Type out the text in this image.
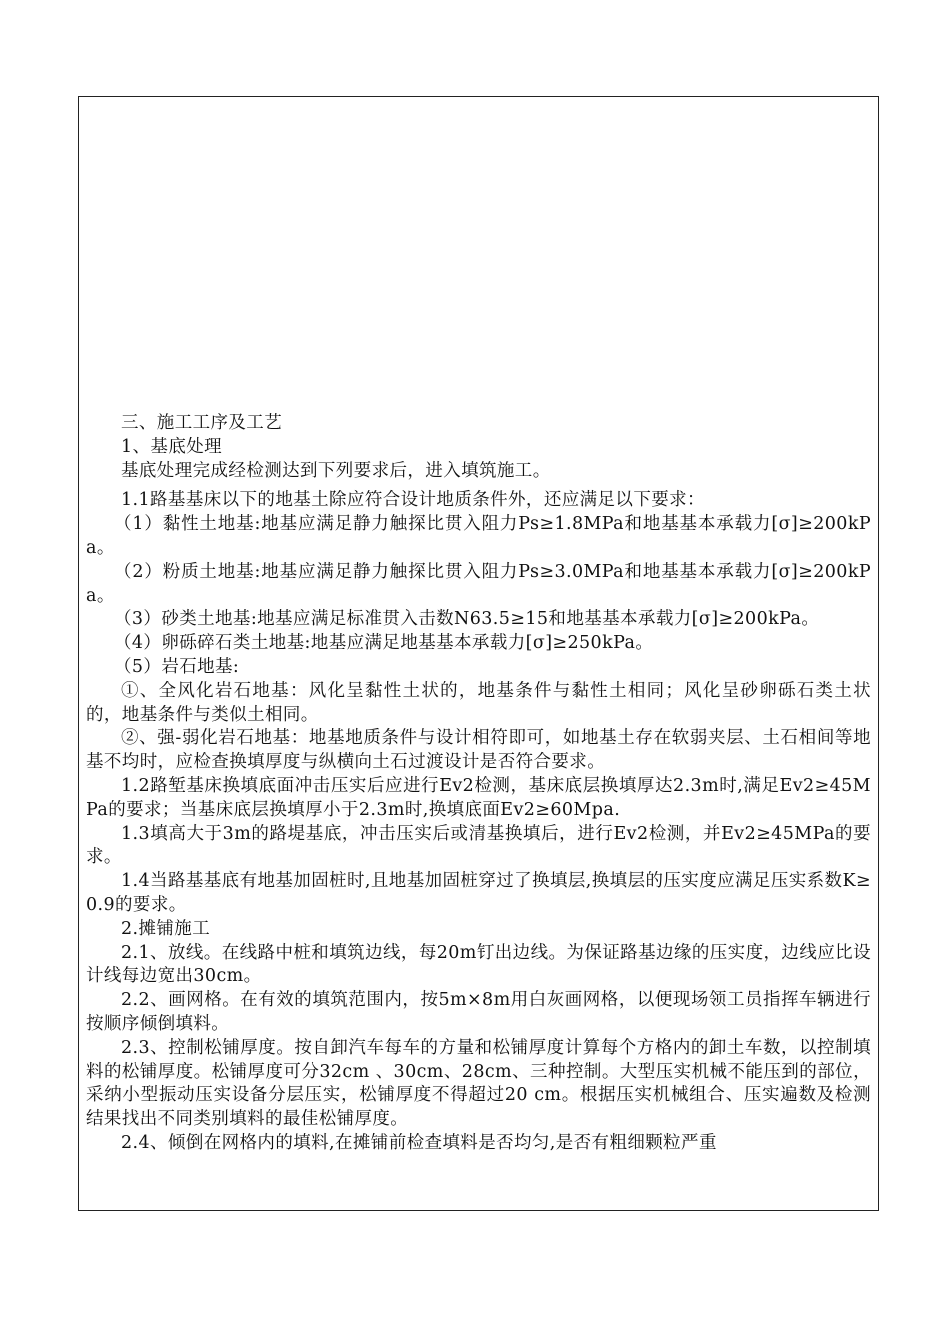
三、施工工序及工艺

1、基底处理

基底处理完成经检测达到下列要求后，进入填筑施工。

1.1路基基床以下的地基土除应符合设计地质条件外，还应满足以下要求：

（1）黏性土地基:地基应满足静力触探比贯入阻力Ps≥1.8MPa和地基基本承载力[σ]≥200kPa。

（2）粉质土地基:地基应满足静力触探比贯入阻力Ps≥3.0MPa和地基基本承载力[σ]≥200kPa。

（3）砂类土地基:地基应满足标准贯入击数N63.5≥15和地基基本承载力[σ]≥200kPa。

（4）卵砾碎石类土地基:地基应满足地基基本承载力[σ]≥250kPa。

（5）岩石地基:

①、全风化岩石地基：风化呈黏性土状的，地基条件与黏性土相同；风化呈砂卵砾石类土状的，地基条件与类似土相同。

②、强-弱化岩石地基：地基地质条件与设计相符即可，如地基土存在软弱夹层、土石相间等地基不均时，应检查换填厚度与纵横向土石过渡设计是否符合要求。

1.2路堑基床换填底面冲击压实后应进行Ev2检测，基床底层换填厚达2.3m时,满足Ev2≥45MPa的要求；当基床底层换填厚小于2.3m时,换填底面Ev2≥60Mpa.

1.3填高大于3m的路堤基底，冲击压实后或清基换填后，进行Ev2检测，并Ev2≥45MPa的要求。

1.4当路基基底有地基加固桩时,且地基加固桩穿过了换填层,换填层的压实度应满足压实系数K≥0.9的要求。

2.摊铺施工

2.1、放线。在线路中桩和填筑边线，每20m钉出边线。为保证路基边缘的压实度，边线应比设计线每边宽出30cm。

2.2、画网格。在有效的填筑范围内，按5m×8m用白灰画网格，以便现场领工员指挥车辆进行按顺序倾倒填料。

2.3、控制松铺厚度。按自卸汽车每车的方量和松铺厚度计算每个方格内的卸土车数，以控制填料的松铺厚度。松铺厚度可分32cm 、30cm、28cm、三种控制。大型压实机械不能压到的部位，采纳小型振动压实设备分层压实，松铺厚度不得超过20 cm。根据压实机械组合、压实遍数及检测结果找出不同类别填料的最佳松铺厚度。

2.4、倾倒在网格内的填料,在摊铺前检查填料是否均匀,是否有粗细颗粒严重
